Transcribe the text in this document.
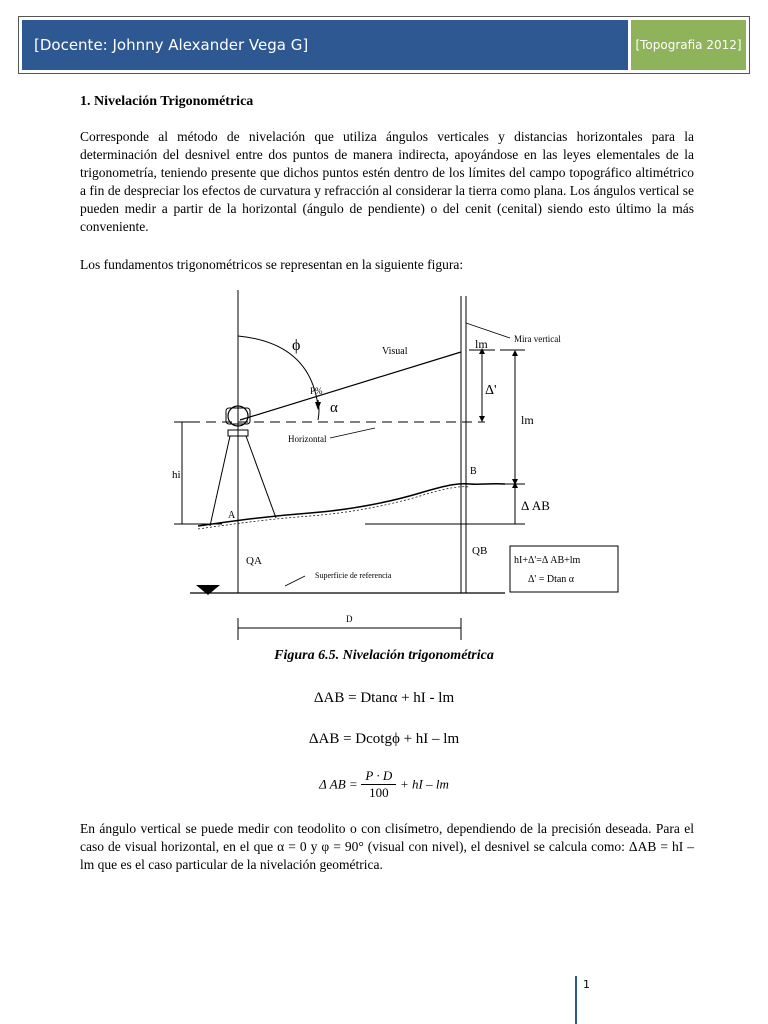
[Docente: Johnny Alexander Vega G]	[Topografia 2012]
1. Nivelación Trigonométrica
Corresponde al método de nivelación que utiliza ángulos verticales y distancias horizontales para la determinación del desnivel entre dos puntos de manera indirecta, apoyándose en las leyes elementales de la trigonometría, teniendo presente que dichos puntos estén dentro de los límites del campo topográfico altimétrico a fin de despreciar los efectos de curvatura y refracción al considerar la tierra como plana. Los ángulos vertical se pueden medir a partir de la horizontal (ángulo de pendiente) o del cenit (cenital) siendo esto último la más conveniente.
Los fundamentos trigonométricos se representan en la siguiente figura:
ϕ	Visual
P%
α
lm	Mira vertical
Δ'
lm
Horizontal
hi	B
A
Δ AB
QA
QB
hI+Δ'=Δ AB+lm
Δ' = Dtan α
Superficie de referencia
D
Figura 6.5. Nivelación trigonométrica
ΔAB = Dtanα + hI - lm
ΔAB = Dcotgϕ + hI – lm
Δ AB = $\frac{P \cdot D}{100}$ + hI – lm
En ángulo vertical se puede medir con teodolito o con clisímetro, dependiendo de la precisión deseada. Para el caso de visual horizontal, en el que α = 0 y φ = 90° (visual con nivel), el desnivel se calcula como: ΔAB = hI – lm que es el caso particular de la nivelación geométrica.
1
